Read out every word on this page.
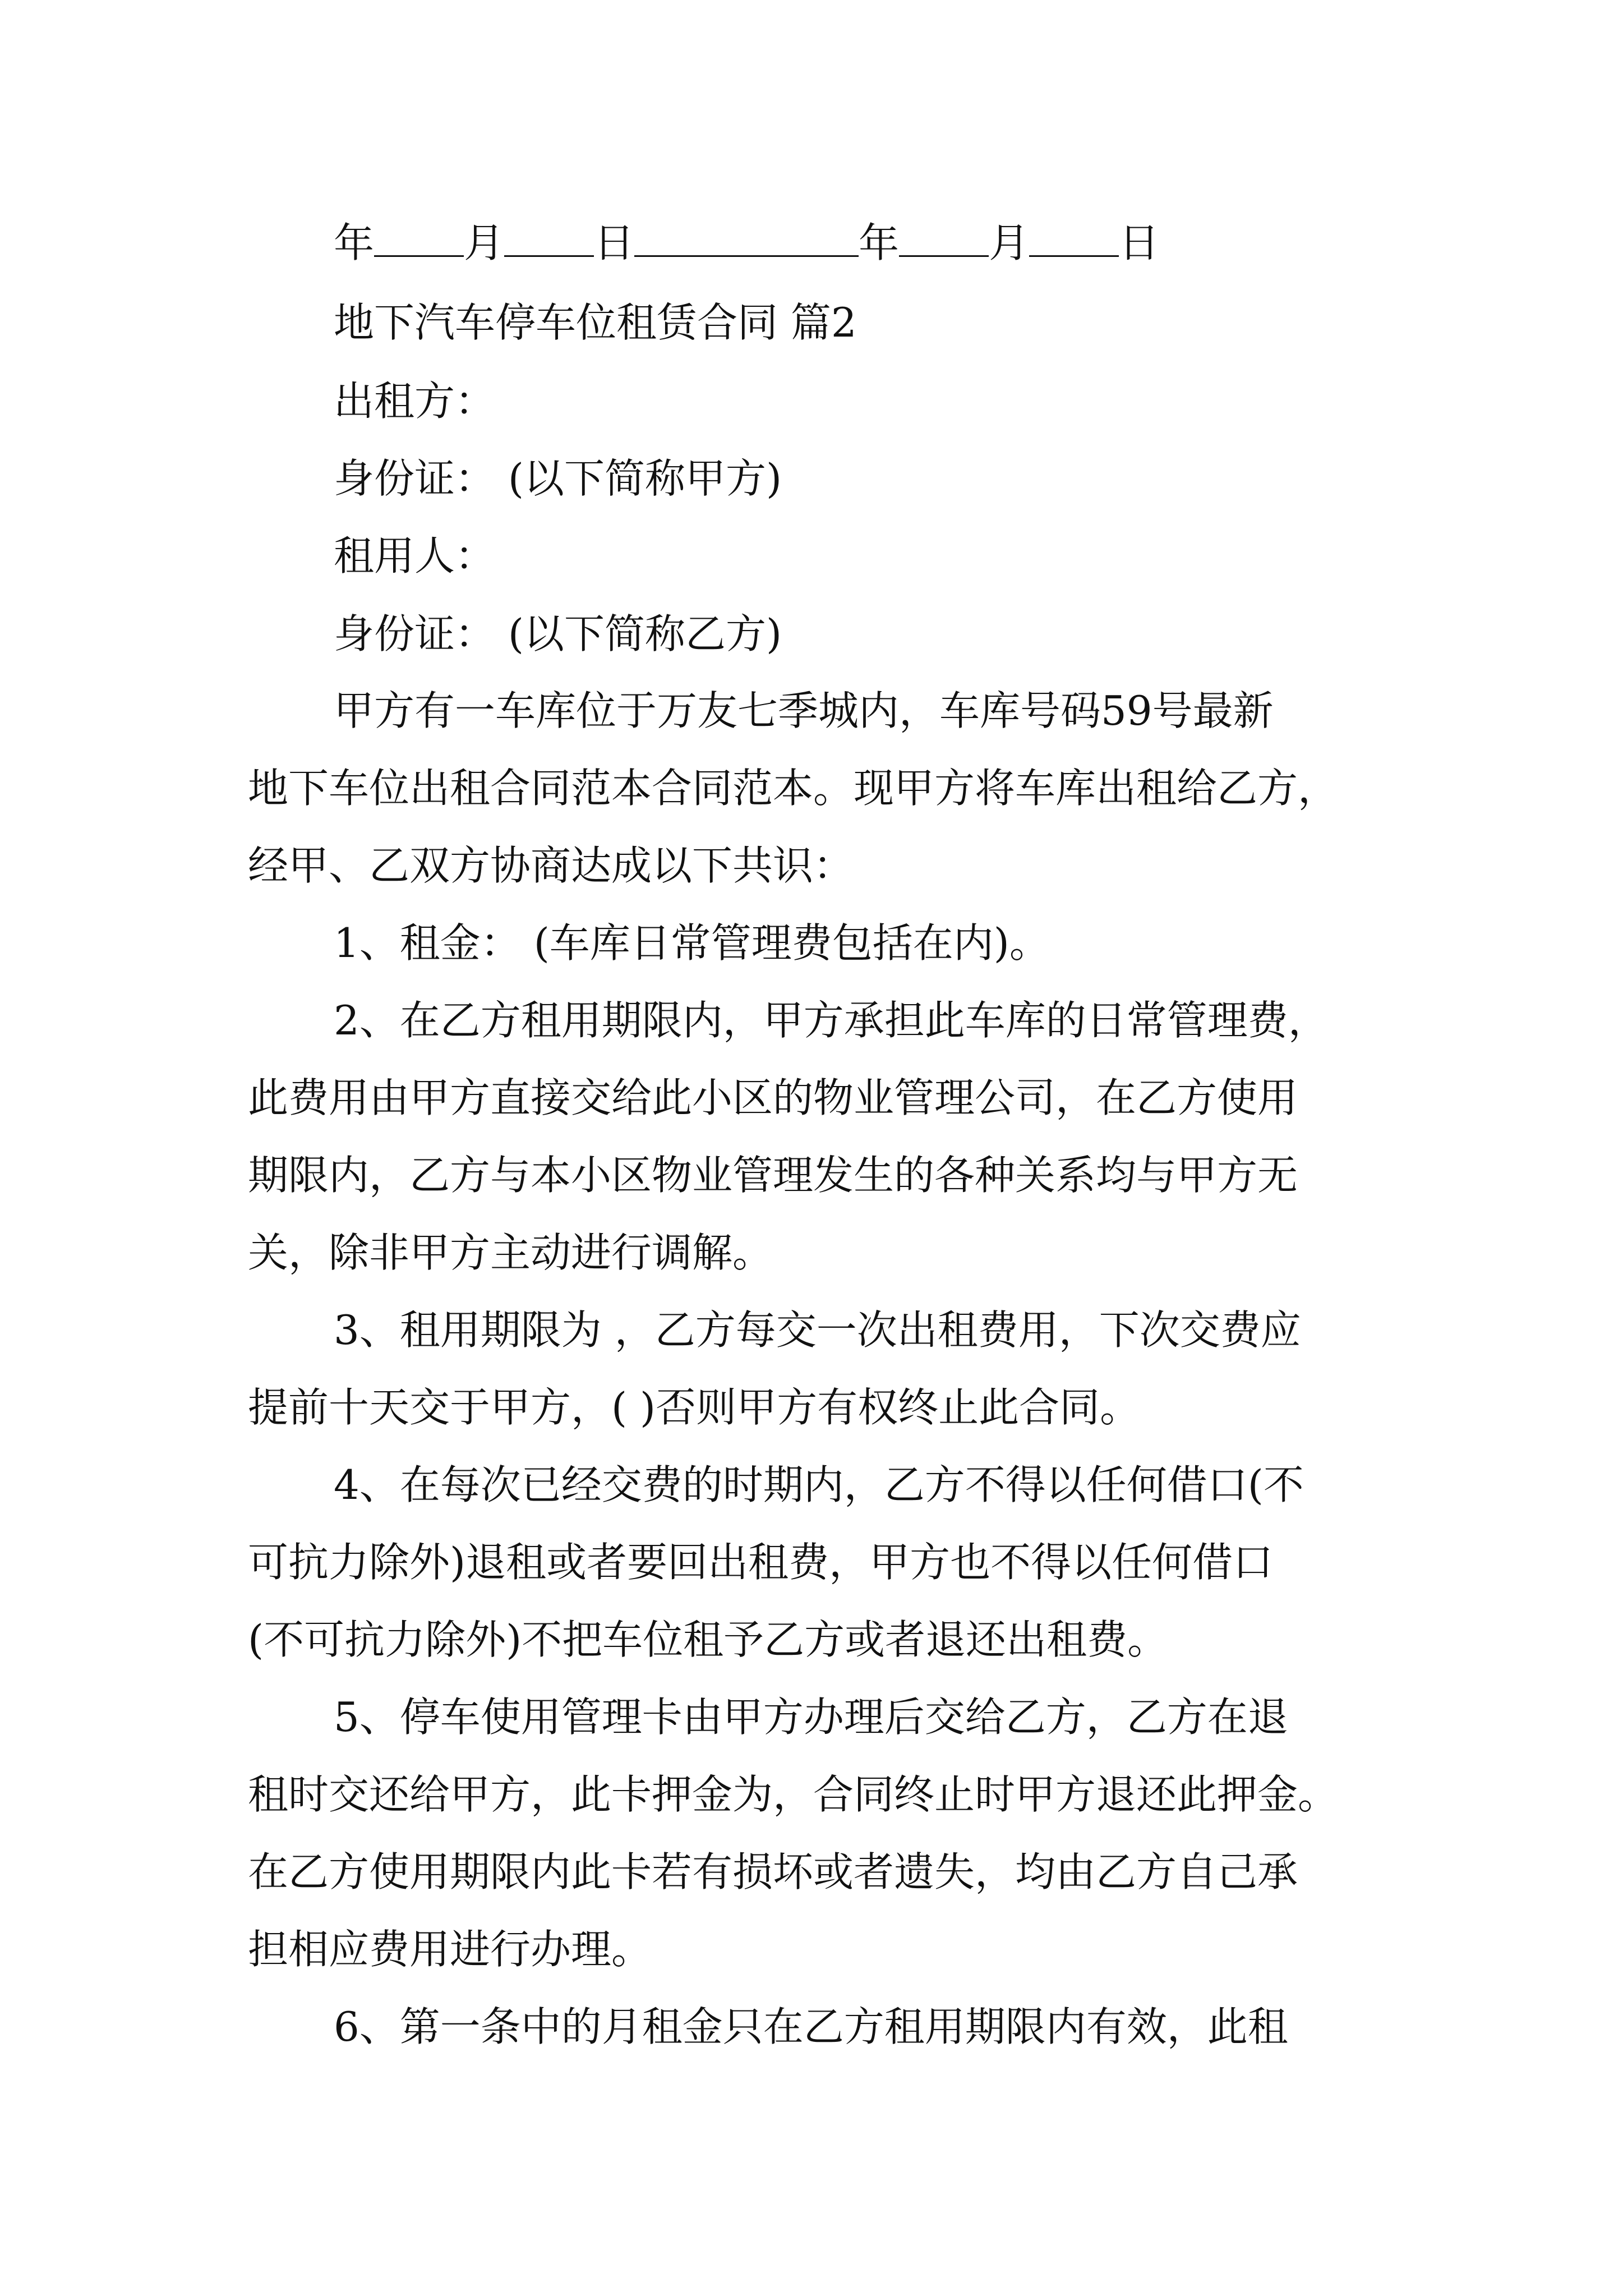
年 月 日	年 月 日
地下汽车停车位租赁合同 篇2
出租方：
身份证： (以下简称甲方)
租用人：
身份证： (以下简称乙方)
甲方有一车库位于万友七季城内，车库号码59号最新
地下车位出租合同范本合同范本。现甲方将车库出租给乙方，
经甲、乙双方协商达成以下共识：
1、租金： (车库日常管理费包括在内)。
2、在乙方租用期限内，甲方承担此车库的日常管理费，
此费用由甲方直接交给此小区的物业管理公司，在乙方使用
期限内，乙方与本小区物业管理发生的各种关系均与甲方无
关，除非甲方主动进行调解。
3、租用期限为 ，乙方每交一次出租费用，下次交费应
提前十天交于甲方，( )否则甲方有权终止此合同。
4、在每次已经交费的时期内，乙方不得以任何借口(不
可抗力除外)退租或者要回出租费，甲方也不得以任何借口
(不可抗力除外)不把车位租予乙方或者退还出租费。
5、停车使用管理卡由甲方办理后交给乙方，乙方在退
租时交还给甲方，此卡押金为，合同终止时甲方退还此押金。
在乙方使用期限内此卡若有损坏或者遗失，均由乙方自己承
担相应费用进行办理。
6、第一条中的月租金只在乙方租用期限内有效，此租
